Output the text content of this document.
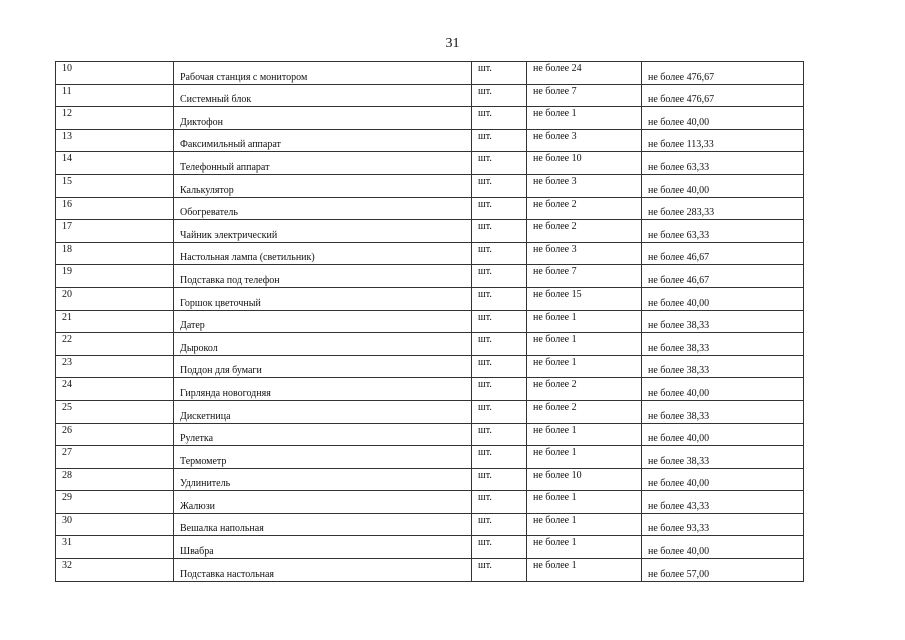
31
10	Рабочая станция с монитором	шт.	не более 24	не более 476,67
11	Системный блок	шт.	не более 7	не более 476,67
12	Диктофон	шт.	не более 1	не более 40,00
13	Факсимильный аппарат	шт.	не более 3	не более 113,33
14	Телефонный аппарат	шт.	не более 10	не более 63,33
15	Калькулятор	шт.	не более 3	не более 40,00
16	Обогреватель	шт.	не более 2	не более 283,33
17	Чайник электрический	шт.	не более 2	не более 63,33
18	Настольная лампа (светильник)	шт.	не более 3	не более 46,67
19	Подставка под телефон	шт.	не более 7	не более 46,67
20	Горшок цветочный	шт.	не более 15	не более 40,00
21	Датер	шт.	не более 1	не более 38,33
22	Дырокол	шт.	не более 1	не более 38,33
23	Поддон для бумаги	шт.	не более 1	не более 38,33
24	Гирлянда новогодняя	шт.	не более 2	не более 40,00
25	Дискетница	шт.	не более 2	не более 38,33
26	Рулетка	шт.	не более 1	не более 40,00
27	Термометр	шт.	не более 1	не более 38,33
28	Удлинитель	шт.	не более 10	не более 40,00
29	Жалюзи	шт.	не более 1	не более 43,33
30	Вешалка напольная	шт.	не более 1	не более 93,33
31	Швабра	шт.	не более 1	не более 40,00
32	Подставка настольная	шт.	не более 1	не более 57,00
